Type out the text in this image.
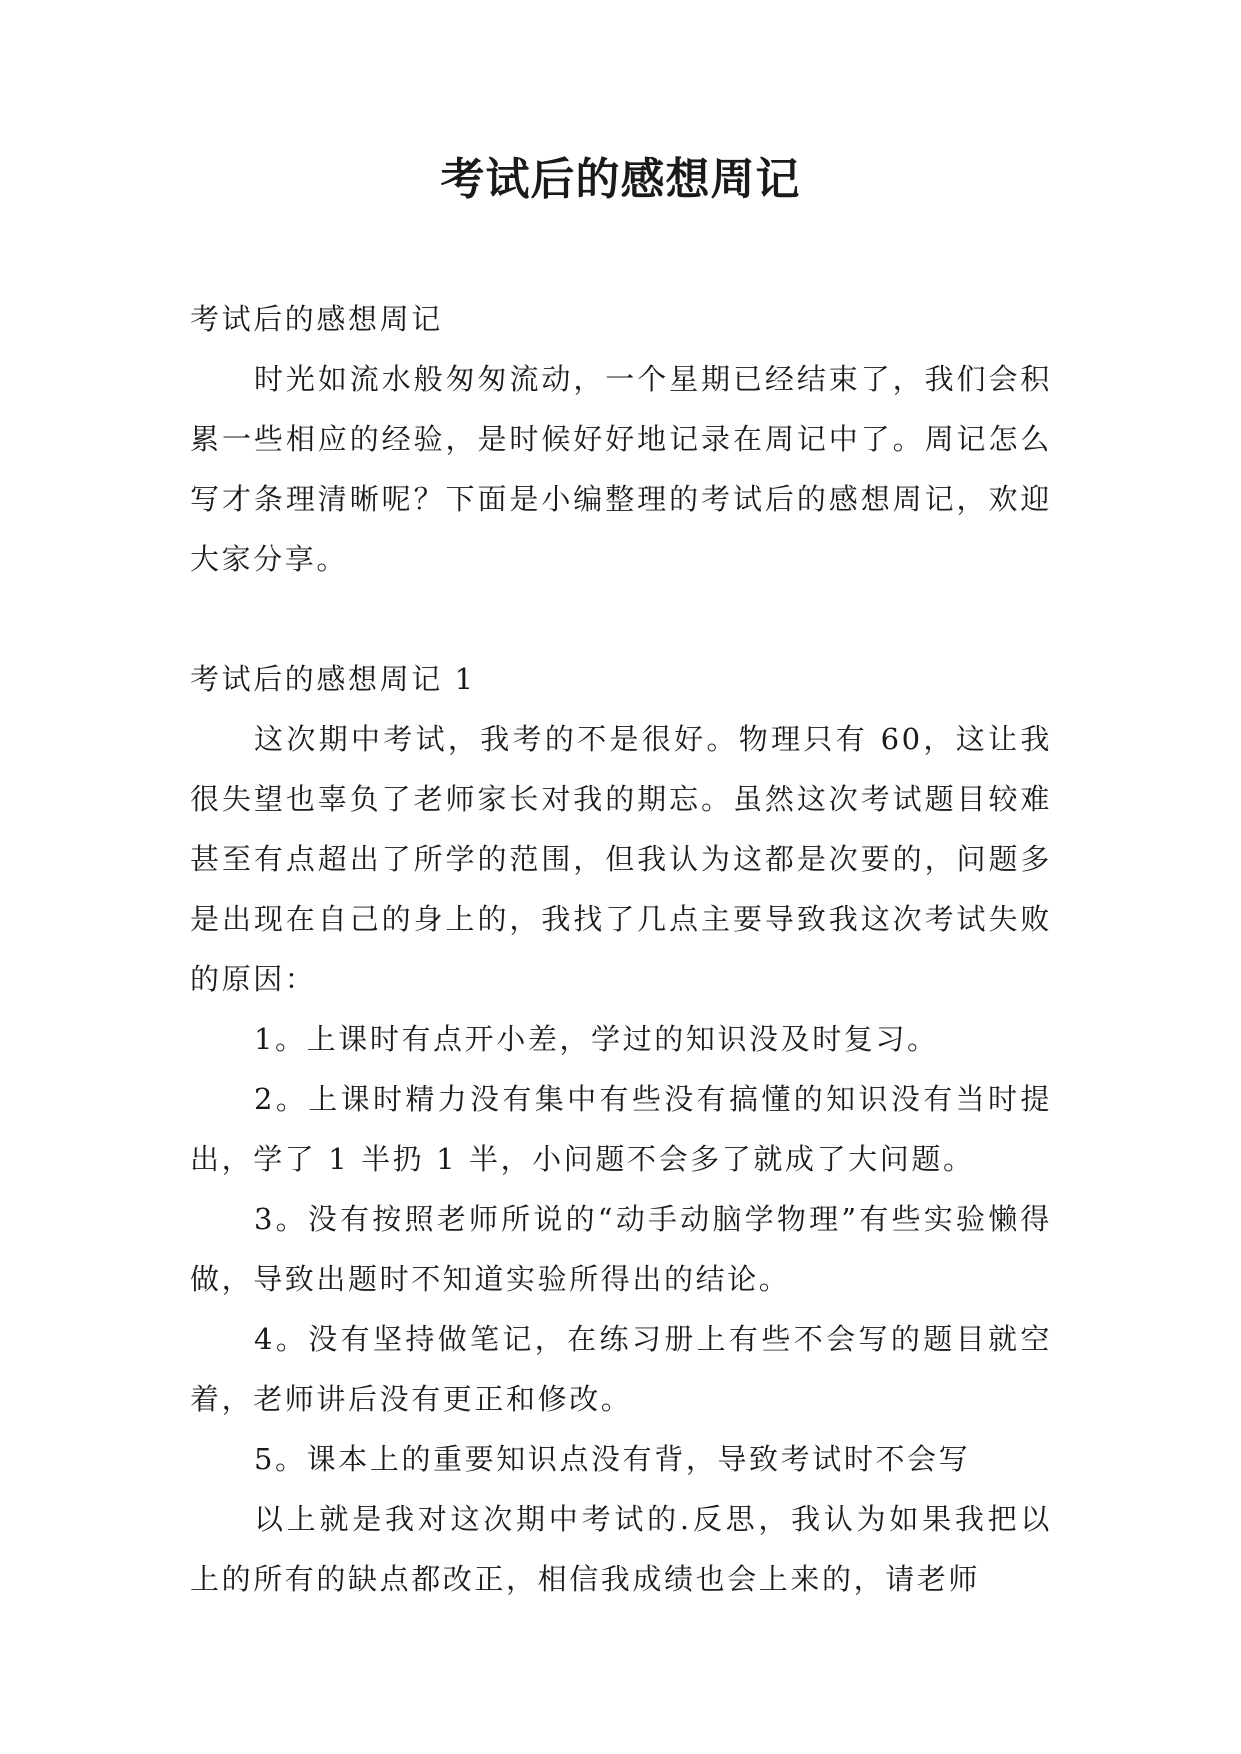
考试后的感想周记

考试后的感想周记

时光如流水般匆匆流动，一个星期已经结束了，我们会积累一些相应的经验，是时候好好地记录在周记中了。周记怎么写才条理清晰呢？下面是小编整理的考试后的感想周记，欢迎大家分享。

考试后的感想周记 1

这次期中考试，我考的不是很好。物理只有 60，这让我很失望也辜负了老师家长对我的期忘。虽然这次考试题目较难甚至有点超出了所学的范围，但我认为这都是次要的，问题多是出现在自己的身上的，我找了几点主要导致我这次考试失败的原因：

1。上课时有点开小差，学过的知识没及时复习。

2。上课时精力没有集中有些没有搞懂的知识没有当时提出，学了 1 半扔 1 半，小问题不会多了就成了大问题。

3。没有按照老师所说的“动手动脑学物理”有些实验懒得做，导致出题时不知道实验所得出的结论。

4。没有坚持做笔记，在练习册上有些不会写的题目就空着，老师讲后没有更正和修改。

5。课本上的重要知识点没有背，导致考试时不会写

以上就是我对这次期中考试的.反思，我认为如果我把以上的所有的缺点都改正，相信我成绩也会上来的，请老师
